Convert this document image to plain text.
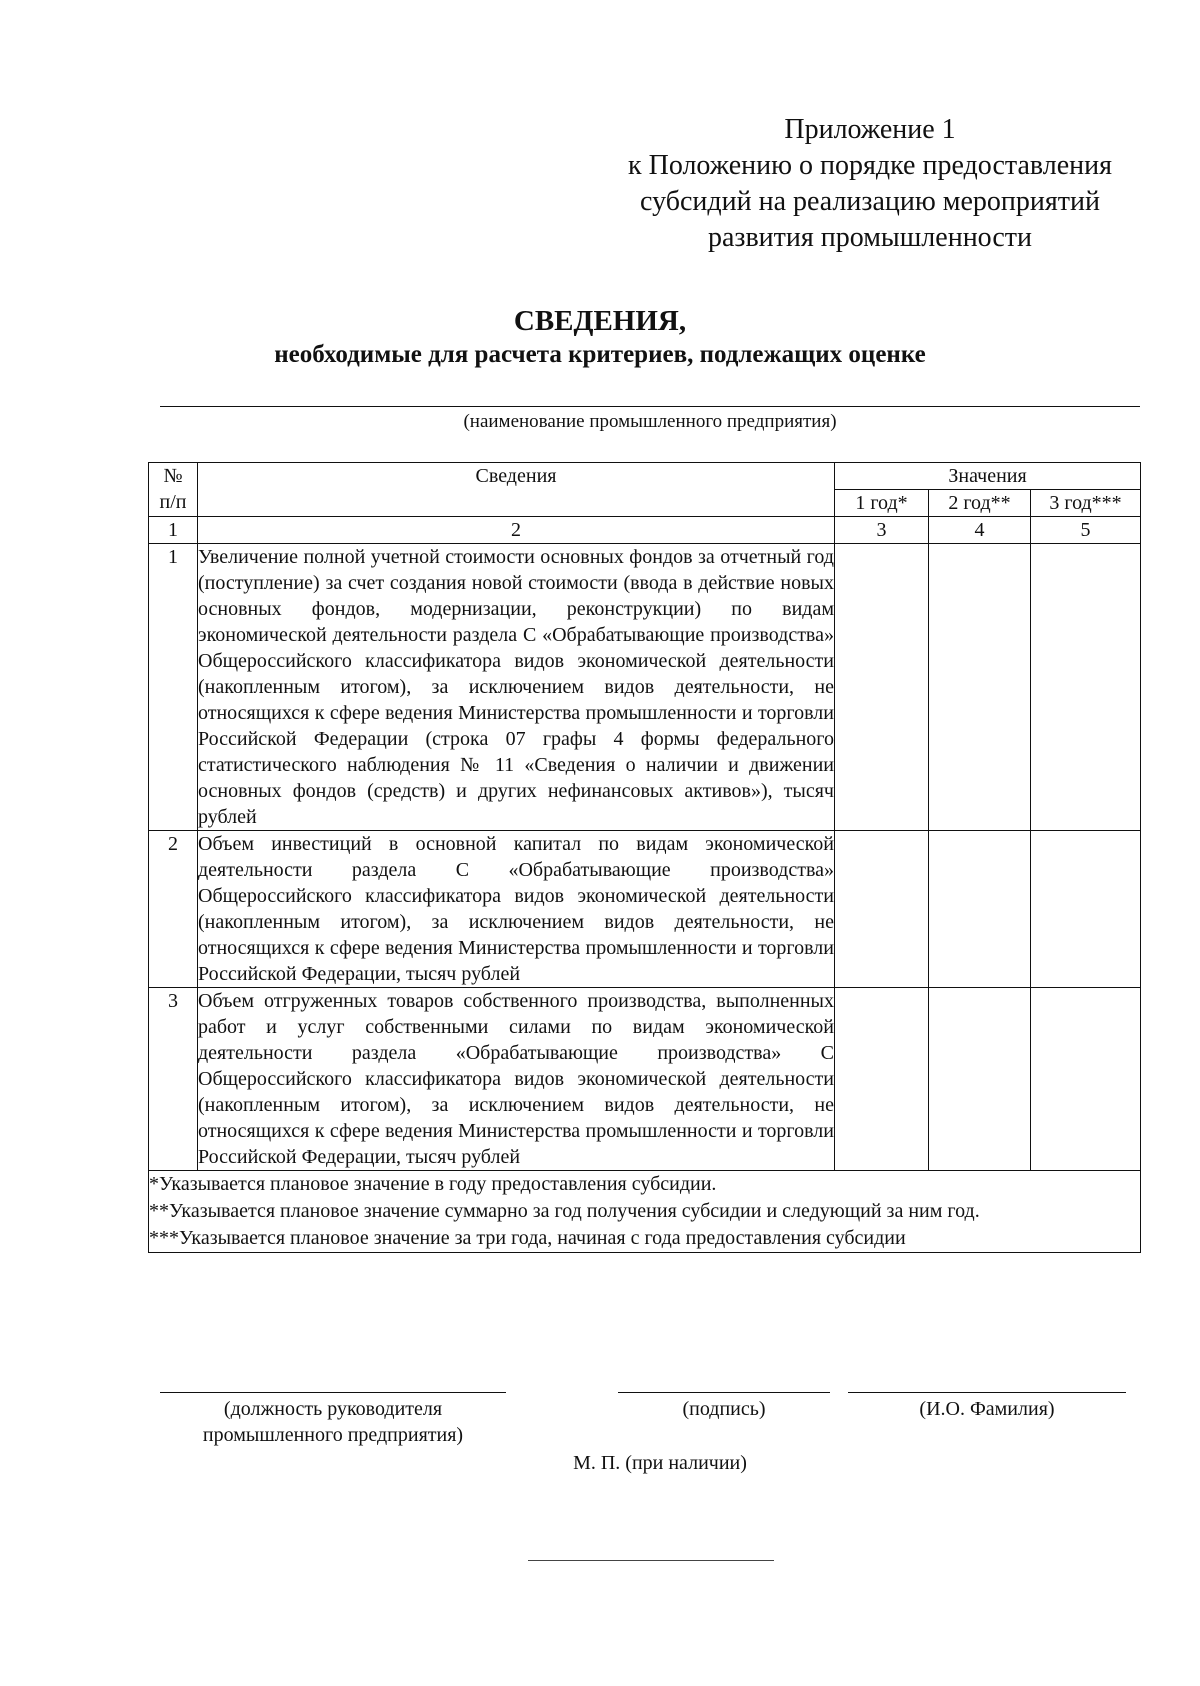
Приложение 1
к Положению о порядке предоставления
субсидий на реализацию мероприятий
развития промышленности
СВЕДЕНИЯ,
необходимые для расчета критериев, подлежащих оценке
(наименование промышленного предприятия)
№
п/п	Сведения	Значения		
		1 год*	2 год**	3 год***
1	2	3	4	5
1	Увеличение полной учетной стоимости основных фондов за отчетный год (поступление) за счет создания новой стоимости (ввода в действие новых основных фондов, модернизации, реконструкции) по видам экономической деятельности раздела С «Обрабатывающие производства» Общероссийского классификатора видов экономической деятельности (накопленным итогом), за исключением видов деятельности, не относящихся к сфере ведения Министерства промышленности и торговли Российской Федерации (строка 07 графы 4 формы федерального статистического наблюдения № 11 «Сведения о наличии и движении основных фондов (средств) и других нефинансовых активов»), тысяч рублей			
2	Объем инвестиций в основной капитал по видам экономической деятельности раздела С «Обрабатывающие производства» Общероссийского классификатора видов экономической деятельности (накопленным итогом), за исключением видов деятельности, не относящихся к сфере ведения Министерства промышленности и торговли Российской Федерации, тысяч рублей			
3	Объем отгруженных товаров собственного производства, выполненных работ и услуг собственными силами по видам экономической деятельности раздела «Обрабатывающие производства» С Общероссийского классификатора видов экономической деятельности (накопленным итогом), за исключением видов деятельности, не относящихся к сфере ведения Министерства промышленности и торговли Российской Федерации, тысяч рублей			

*Указывается плановое значение в году предоставления субсидии.
**Указывается плановое значение суммарно за год получения субсидии и следующий за ним год.
***Указывается плановое значение за три года, начиная с года предоставления субсидии				
(должность руководителя
промышленного предприятия)
(подпись)	(И.О. Фамилия)
М. П. (при наличии)
